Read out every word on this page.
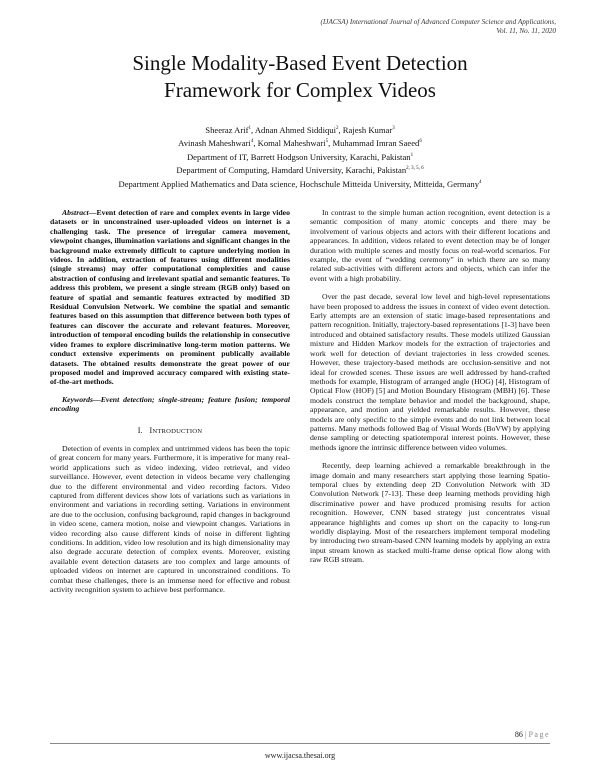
(IJACSA) International Journal of Advanced Computer Science and Applications,
Vol. 11, No. 11, 2020
Single Modality-Based Event Detection
Framework for Complex Videos
Sheeraz Arif$^1$, Adnan Ahmed Siddiqui$^2$, Rajesh Kumar$^3$
Avinash Maheshwari$^4$, Komal Maheshwari$^5$, Muhammad Imran Saeed$^6$
Department of IT, Barrett Hodgson University, Karachi, Pakistan$^1$
Department of Computing, Hamdard University, Karachi, Pakistan$^{2, 3, 5, 6}$
Department Applied Mathematics and Data science, Hochschule Mitteida University, Mitteida, Germany$^4$

Abstract—Event detection of rare and complex events in large video datasets or in unconstrained user-uploaded videos on internet is a challenging task. The presence of irregular camera movement, viewpoint changes, illumination variations and significant changes in the background make extremely difficult to capture underlying motion in videos. In addition, extraction of features using different modalities (single streams) may offer computational complexities and cause abstraction of confusing and irrelevant spatial and semantic features. To address this problem, we present a single stream (RGB only) based on feature of spatial and semantic features extracted by modified 3D Residual Convulsion Network. We combine the spatial and semantic features based on this assumption that difference between both types of features can discover the accurate and relevant features. Moreover, introduction of temporal encoding builds the relationship in consecutive video frames to explore discriminative long-term motion patterns. We conduct extensive experiments on prominent publically available datasets. The obtained results demonstrate the great power of our proposed model and improved accuracy compared with existing state-of-the-art methods.

Keywords—Event detection; single-stream; feature fusion; temporal encoding

I. INTRODUCTION

Detection of events in complex and untrimmed videos has been the topic of great concern for many years. Furthermore, it is imperative for many real-world applications such as video indexing, video retrieval, and video surveillance. However, event detection in videos became very challenging due to the different environmental and video recording factors. Video captured from different devices show lots of variations such as variations in environment and variations in recording setting. Variations in environment are due to the occlusion, confusing background, rapid changes in background in video scene, camera motion, noise and viewpoint changes. Variations in video recording also cause different kinds of noise in different lighting conditions. In addition, video low resolution and its high dimensionality may also degrade accurate detection of complex events. Moreover, existing available event detection datasets are too complex and large amounts of uploaded videos on internet are captured in unconstrained conditions. To combat these challenges, there is an immense need for effective and robust activity recognition system to achieve best performance.

In contrast to the simple human action recognition, event detection is a semantic composition of many atomic concepts and there may be involvement of various objects and actors with their different locations and appearances. In addition, videos related to event detection may be of longer duration with multiple scenes and mostly focus on real-world scenarios. For example, the event of “wedding ceremony” in which there are so many related sub-activities with different actors and objects, which can infer the event with a high probability.

Over the past decade, several low level and high-level representations have been proposed to address the issues in context of video event detection. Early attempts are an extension of static image-based representations and pattern recognition. Initially, trajectory-based representations [1-3] have been introduced and obtained satisfactory results. These models utilized Gaussian mixture and Hidden Markov models for the extraction of trajectories and work well for detection of deviant trajectories in less crowded scenes. However, these trajectory-based methods are occlusion-sensitive and not ideal for crowded scenes. These issues are well addressed by hand-crafted methods for example, Histogram of arranged angle (HOG) [4], Histogram of Optical Flow (HOF) [5] and Motion Boundary Histogram (MBH) [6]. These models construct the template behavior and model the background, shape, appearance, and motion and yielded remarkable results. However, these models are only specific to the simple events and do not link between local patterns. Many methods followed Bag of Visual Words (BoVW) by applying dense sampling or detecting spatiotemporal interest points. However, these methods ignore the intrinsic difference between video volumes.

Recently, deep learning achieved a remarkable breakthrough in the image domain and many researchers start applying those learning Spatio-temporal clues by extending deep 2D Convolution Network with 3D Convolution Network [7-13]. These deep learning methods providing high discriminative power and have produced promising results for action recognition. However, CNN based strategy just concentrates visual appearance highlights and comes up short on the capacity to long-run worldly displaying. Most of the researchers implement temporal modeling by introducing two stream-based CNN learning models by applying an extra input stream known as stacked multi-frame dense optical flow along with raw RGB stream.

86 | Page
www.ijacsa.thesai.org
